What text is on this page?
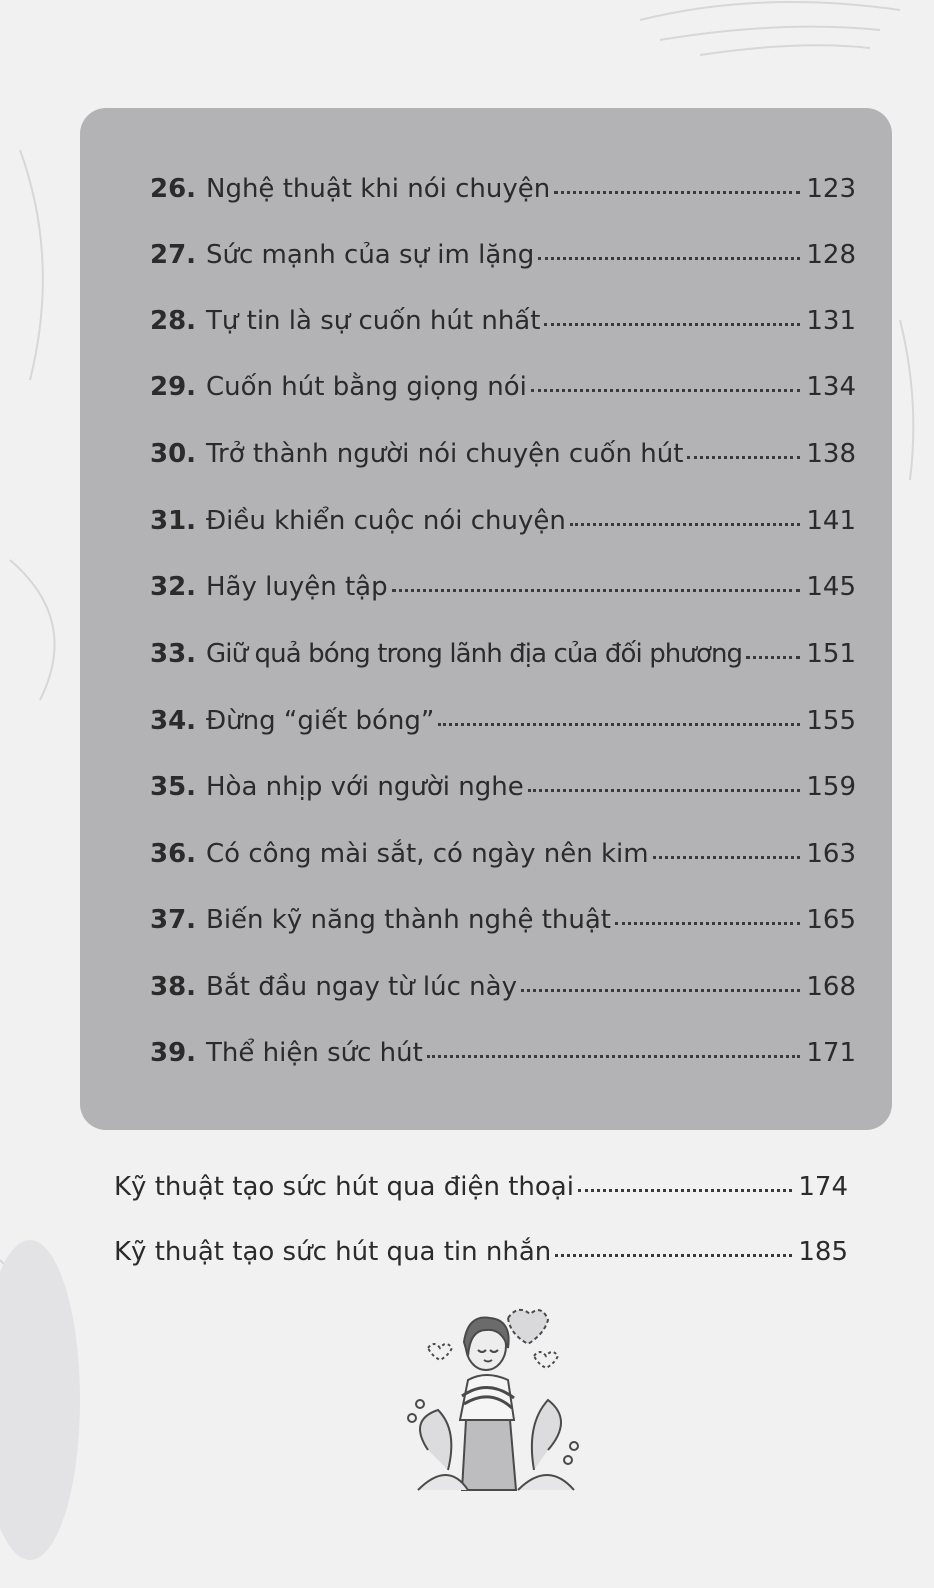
26. Nghệ thuật khi nói chuyện	123
27. Sức mạnh của sự im lặng	128
28. Tự tin là sự cuốn hút nhất	131
29. Cuốn hút bằng giọng nói	134
30. Trở thành người nói chuyện cuốn hút	138
31. Điều khiển cuộc nói chuyện	141
32. Hãy luyện tập	145
33. Giữ quả bóng trong lãnh địa của đối phương 151
34. Đừng “giết bóng”	155
35. Hòa nhịp với người nghe	159
36. Có công mài sắt, có ngày nên kim	163
37. Biến kỹ năng thành nghệ thuật	165
38. Bắt đầu ngay từ lúc này	168
39. Thể hiện sức hút	171
Kỹ thuật tạo sức hút qua điện thoại	174
Kỹ thuật tạo sức hút qua tin nhắn	185
